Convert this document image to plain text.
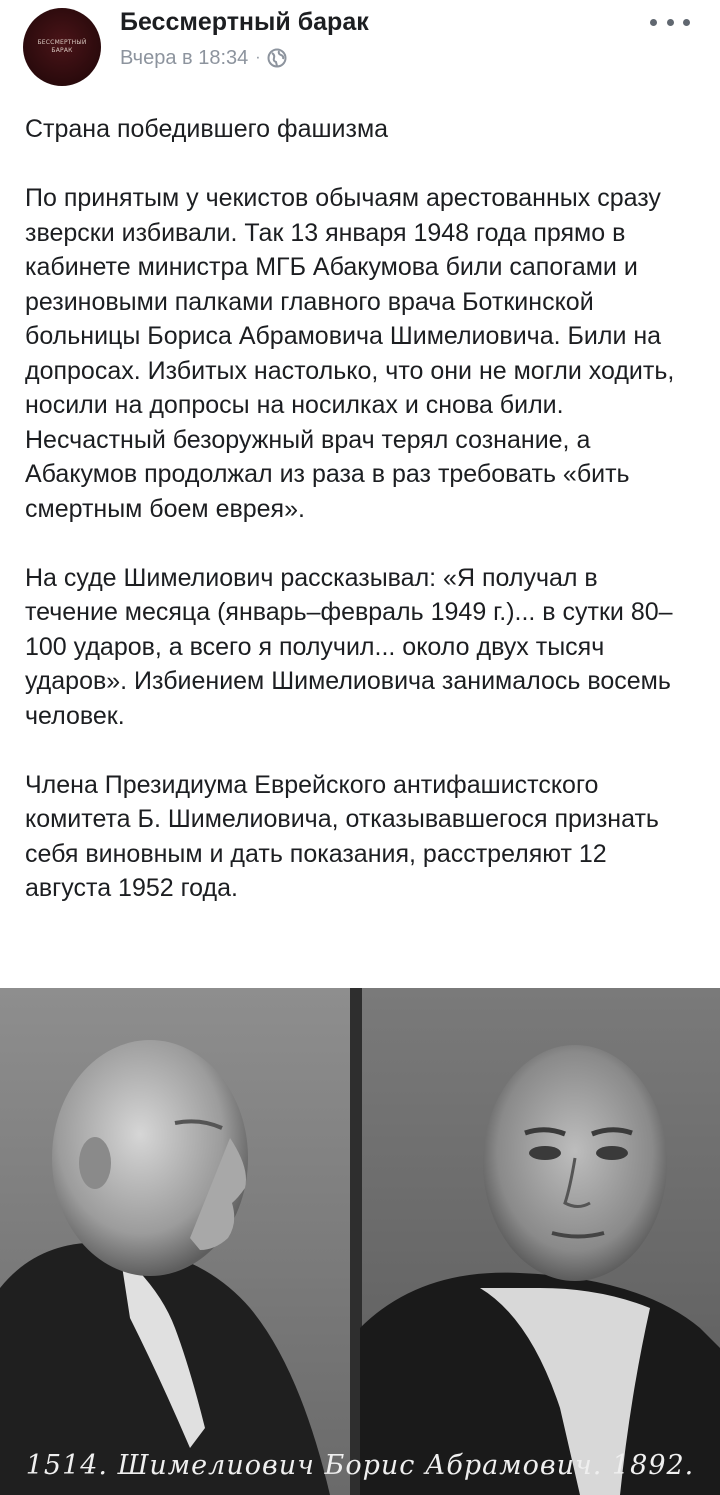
БЕССМЕРТНЫЙ БАРАК
Бессмертный барак
Вчера в 18:34 ·

Страна победившего фашизма

По принятым у чекистов обычаям арестованных сразу зверски избивали. Так 13 января 1948 года прямо в кабинете министра МГБ Абакумова били сапогами и резиновыми палками главного врача Боткинской больницы Бориса Абрамовича Шимелиовича. Били на допросах. Избитых настолько, что они не могли ходить, носили на допросы на носилках и снова били. Несчастный безоружный врач терял сознание, а Абакумов продолжал из раза в раз требовать «бить смертным боем еврея».

На суде Шимелиович рассказывал: «Я получал в течение месяца (январь–февраль 1949 г.)... в сутки 80–100 ударов, а всего я получил... около двух тысяч ударов». Избиением Шимелиовича занималось восемь человек.

Члена Президиума Еврейского антифашистского комитета Б. Шимелиовича, отказывавшегося признать себя виновным и дать показания, расстреляют 12 августа 1952 года.

1514. Шимелиович Борис Абрамович. 1892.
